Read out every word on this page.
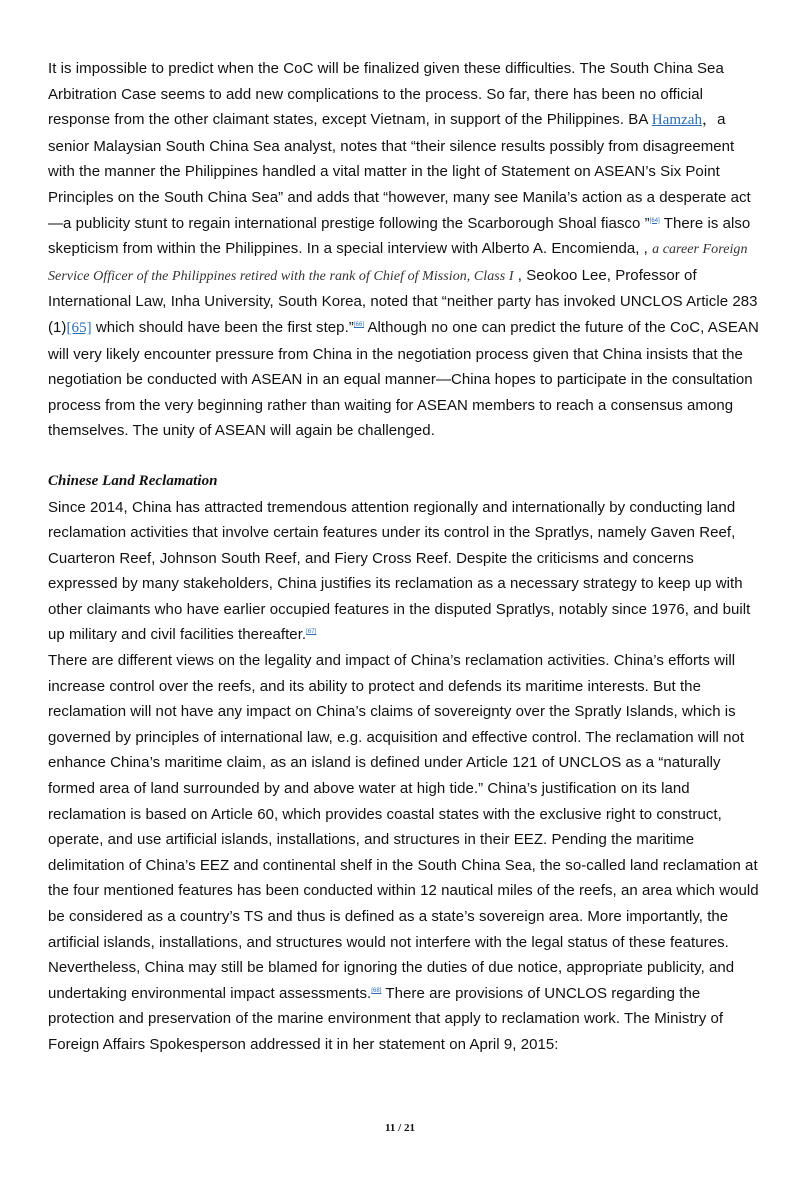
It is impossible to predict when the CoC will be finalized given these difficulties. The South China Sea Arbitration Case seems to add new complications to the process. So far, there has been no official response from the other claimant states, except Vietnam, in support of the Philippines. BA Hamzah，a senior Malaysian South China Sea analyst, notes that “their silence results possibly from disagreement with the manner the Philippines handled a vital matter in the light of Statement on ASEAN’s Six Point Principles on the South China Sea” and adds that “however, many see Manila’s action as a desperate act—a publicity stunt to regain international prestige following the Scarborough Shoal fiasco ”[64] There is also skepticism from within the Philippines. In a special interview with Alberto A. Encomienda, , a career Foreign Service Officer of the Philippines retired with the rank of Chief of Mission, Class I , Seokoo Lee, Professor of International Law, Inha University, South Korea, noted that “neither party has invoked UNCLOS Article 283 (1)[65] which should have been the first step.”[66] Although no one can predict the future of the CoC, ASEAN will very likely encounter pressure from China in the negotiation process given that China insists that the negotiation be conducted with ASEAN in an equal manner—China hopes to participate in the consultation process from the very beginning rather than waiting for ASEAN members to reach a consensus among themselves. The unity of ASEAN will again be challenged.

Chinese Land Reclamation

Since 2014, China has attracted tremendous attention regionally and internationally by conducting land reclamation activities that involve certain features under its control in the Spratlys, namely Gaven Reef, Cuarteron Reef, Johnson South Reef, and Fiery Cross Reef. Despite the criticisms and concerns expressed by many stakeholders, China justifies its reclamation as a necessary strategy to keep up with other claimants who have earlier occupied features in the disputed Spratlys, notably since 1976, and built up military and civil facilities thereafter.[67]

There are different views on the legality and impact of China’s reclamation activities. China’s efforts will increase control over the reefs, and its ability to protect and defends its maritime interests. But the reclamation will not have any impact on China’s claims of sovereignty over the Spratly Islands, which is governed by principles of international law, e.g. acquisition and effective control. The reclamation will not enhance China’s maritime claim, as an island is defined under Article 121 of UNCLOS as a “naturally formed area of land surrounded by and above water at high tide.” China’s justification on its land reclamation is based on Article 60, which provides coastal states with the exclusive right to construct, operate, and use artificial islands, installations, and structures in their EEZ. Pending the maritime delimitation of China’s EEZ and continental shelf in the South China Sea, the so-called land reclamation at the four mentioned features has been conducted within 12 nautical miles of the reefs, an area which would be considered as a country’s TS and thus is defined as a state’s sovereign area. More importantly, the artificial islands, installations, and structures would not interfere with the legal status of these features. Nevertheless, China may still be blamed for ignoring the duties of due notice, appropriate publicity, and undertaking environmental impact assessments.[68] There are provisions of UNCLOS regarding the protection and preservation of the marine environment that apply to reclamation work. The Ministry of Foreign Affairs Spokesperson addressed it in her statement on April 9, 2015:

11 / 21
